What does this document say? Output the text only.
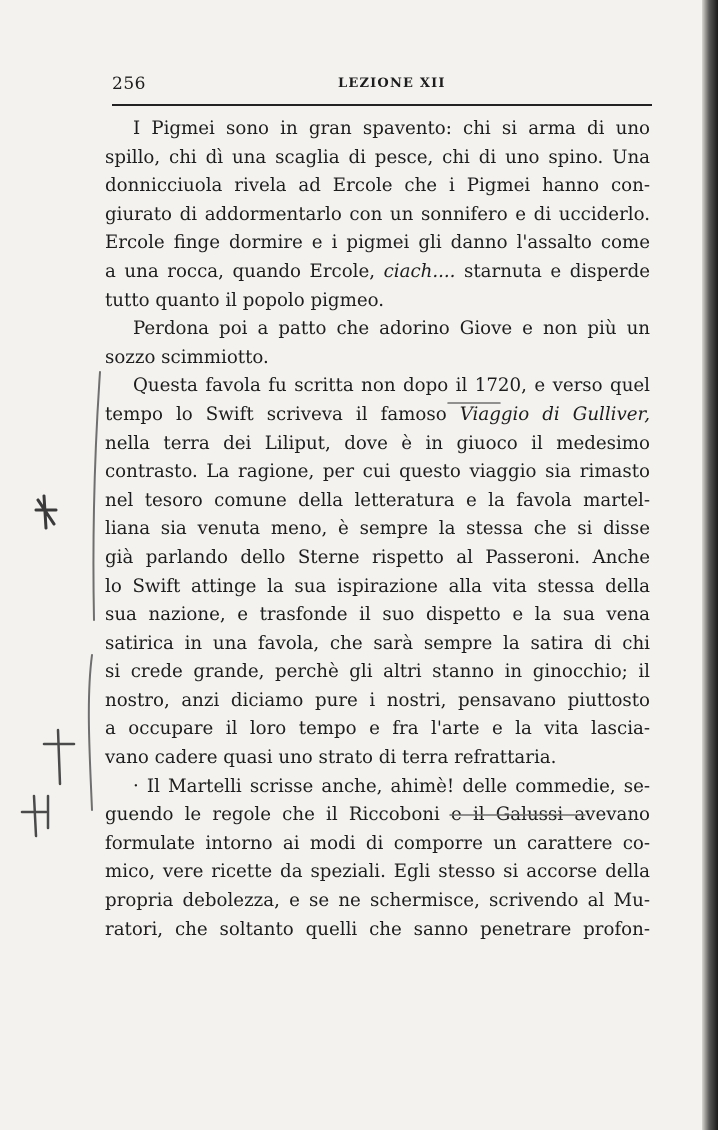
256	LEZIONE XII
I Pigmei sono in gran spavento: chi si arma di uno
spillo, chi dì una scaglia di pesce, chi di uno spino. Una
donnicciuola rivela ad Ercole che i Pigmei hanno con-
giurato di addormentarlo con un sonnifero e di ucciderlo.
Ercole finge dormire e i pigmei gli danno l'assalto come
a una rocca, quando Ercole, ciach.... starnuta e disperde
tutto quanto il popolo pigmeo.
Perdona poi a patto che adorino Giove e non più un
sozzo scimmiotto.
Questa favola fu scritta non dopo il 1720, e verso quel
tempo lo Swift scriveva il famoso Viaggio di Gulliver,
nella terra dei Liliput, dove è in giuoco il medesimo
contrasto. La ragione, per cui questo viaggio sia rimasto
nel tesoro comune della letteratura e la favola martel-
liana sia venuta meno, è sempre la stessa che si disse
già parlando dello Sterne rispetto al Passeroni. Anche
lo Swift attinge la sua ispirazione alla vita stessa della
sua nazione, e trasfonde il suo dispetto e la sua vena
satirica in una favola, che sarà sempre la satira di chi
si crede grande, perchè gli altri stanno in ginocchio; il
nostro, anzi diciamo pure i nostri, pensavano piuttosto
a occupare il loro tempo e fra l'arte e la vita lascia-
vano cadere quasi uno strato di terra refrattaria.
· Il Martelli scrisse anche, ahimè! delle commedie, se-
guendo le regole che il Riccoboni e il Galussi avevano
formulate intorno ai modi di comporre un carattere co-
mico, vere ricette da speziali. Egli stesso si accorse della
propria debolezza, e se ne schermisce, scrivendo al Mu-
ratori, che soltanto quelli che sanno penetrare profon-
